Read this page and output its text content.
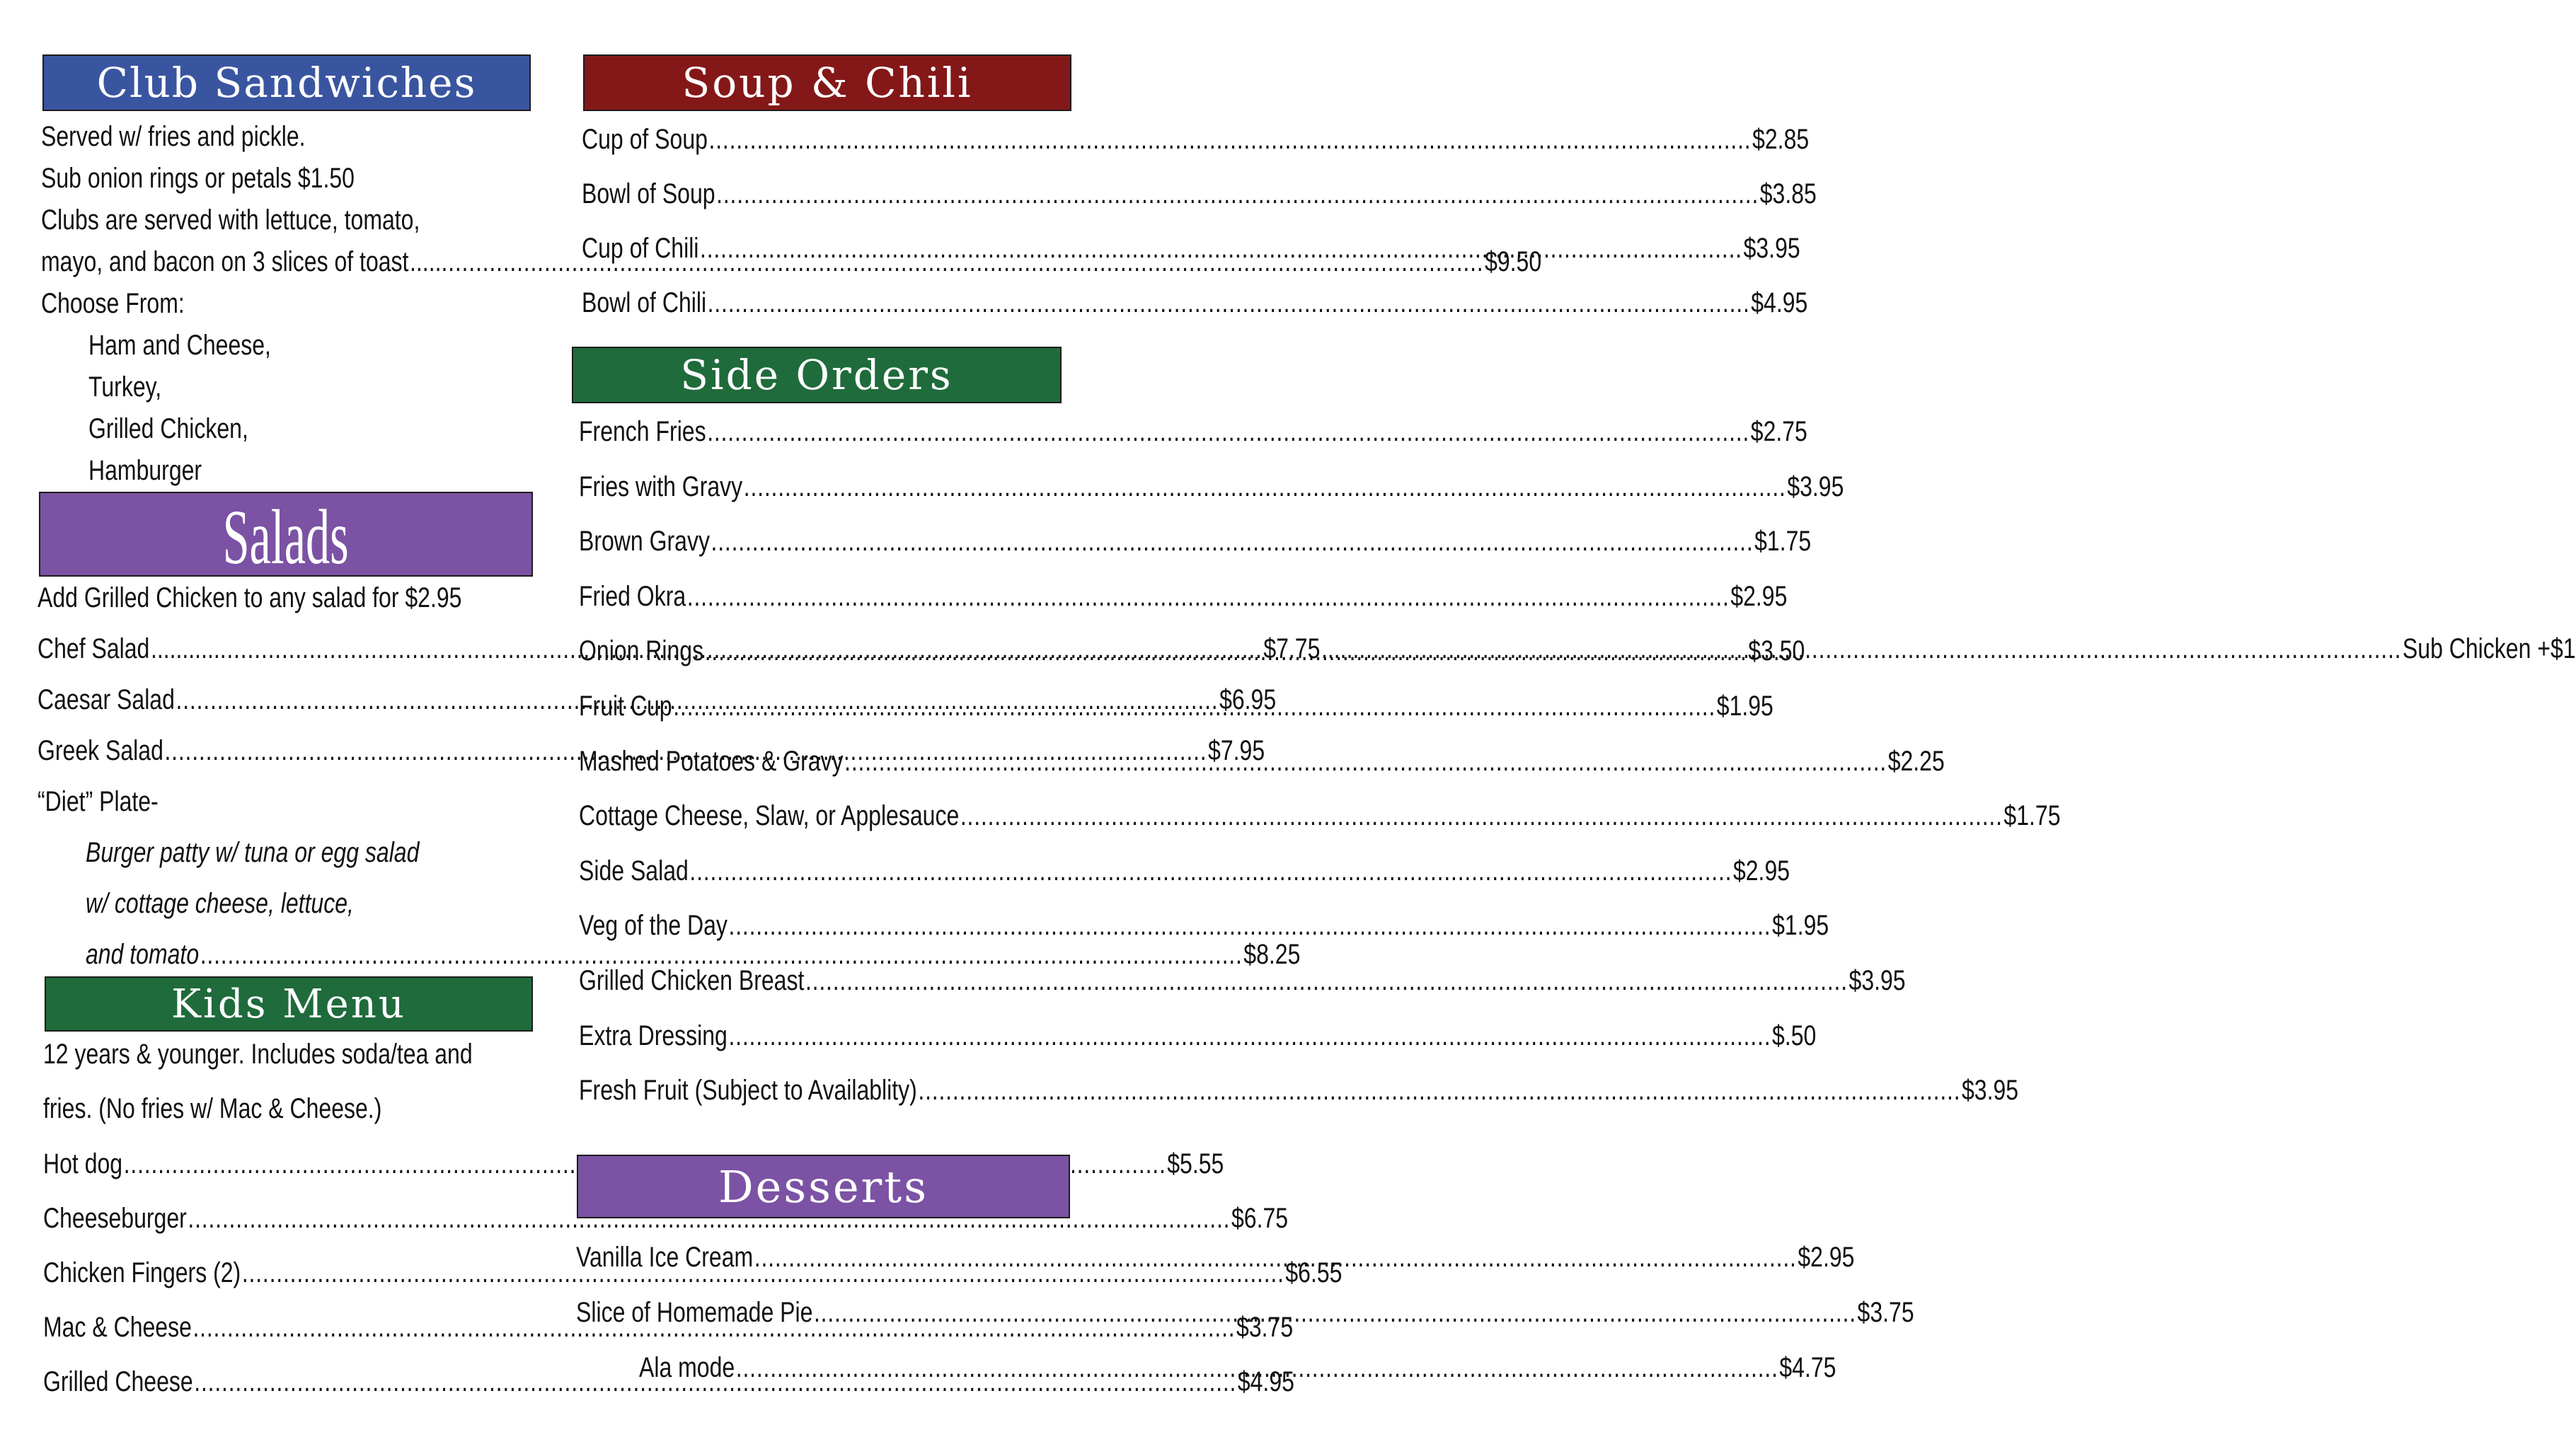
Club Sandwiches
Served w/ fries and pickle.
Sub onion rings or petals $1.50
Clubs are served with lettuce, tomato,
mayo, and bacon on 3 slices of toast ..... .....	$9.50
Choose From:
Ham and Cheese,
Turkey,
Grilled Chicken,
Hamburger
Salads
Add Grilled Chicken to any salad for $2.95
Chef Salad ........... .....	$7.75 ...... .....	Sub Chicken +$1
Caesar Salad .....	$6.95
Greek Salad .....	$7.95
“Diet” Plate-
Burger patty w/ tuna or egg salad
w/ cottage cheese, lettuce,
and tomato .....	$8.25
Kids Menu
12 years & younger. Includes soda/tea and
fries. (No fries w/ Mac & Cheese.)
Hot dog .....	$5.55
Cheeseburger .....	$6.75
Chicken Fingers (2) .....	$6.55
Mac & Cheese .....	$3.75
Grilled Cheese .....	$4.95
Soup & Chili
Cup of Soup .....	$2.85
Bowl of Soup .....	$3.85
Cup of Chili .....	$3.95
Bowl of Chili .....	$4.95
Side Orders
French Fries .....	$2.75
Fries with Gravy .....	$3.95
Brown Gravy .....	$1.75
Fried Okra .....	$2.95
Onion Rings .....	$3.50
Fruit Cup .....	$1.95
Mashed Potatoes & Gravy .....	$2.25
Cottage Cheese, Slaw, or Applesauce .....	$1.75
Side Salad .....	$2.95
Veg of the Day .....	$1.95
Grilled Chicken Breast .....	$3.95
Extra Dressing .....	$.50
Fresh Fruit (Subject to Availablity) .....	$3.95
Desserts
Vanilla Ice Cream .....	$2.95
Slice of Homemade Pie .....	$3.75
Ala mode .....	$4.75
